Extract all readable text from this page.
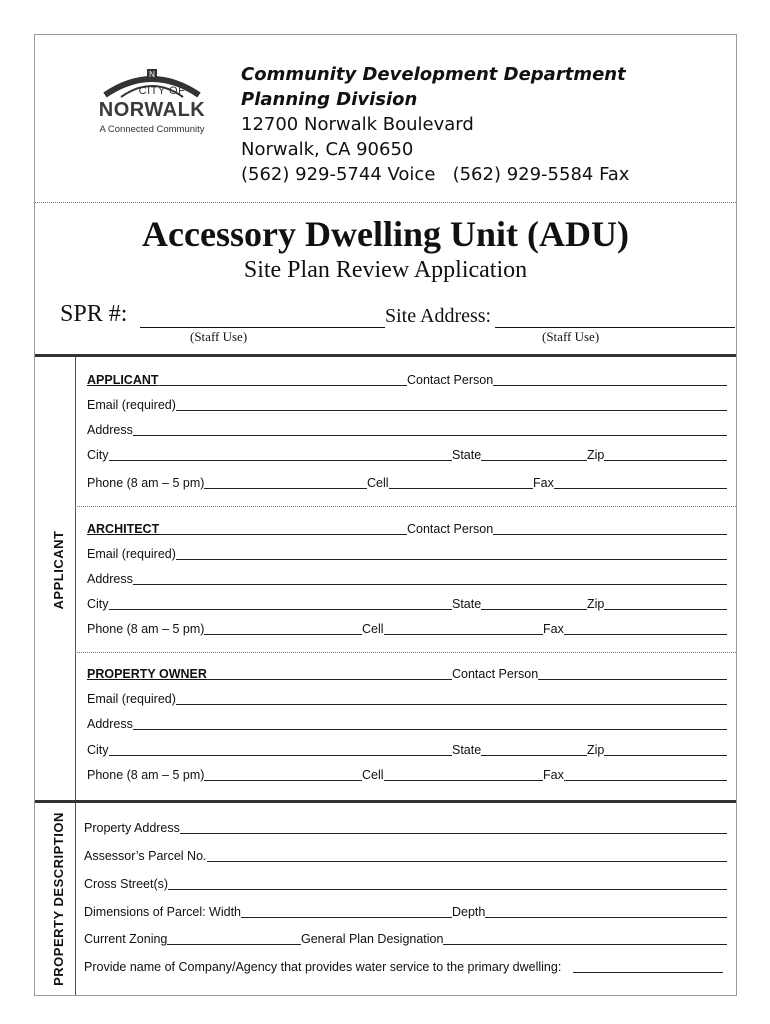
N
CITY OF
NORWALK
A Connected Community
Community Development Department
Planning Division
12700 Norwalk Boulevard
Norwalk, CA 90650
(562) 929-5744 Voice   (562) 929-5584 Fax
Accessory Dwelling Unit (ADU)
Site Plan Review Application
SPR #:	Site Address:
(Staff Use)	(Staff Use)
APPLICANT
APPLICANT	Contact Person
Email (required)
Address
City	State	Zip
Phone (8 am – 5 pm)	Cell	Fax
ARCHITECT	Contact Person
Email (required)
Address
City	State	Zip
Phone (8 am – 5 pm)	Cell	Fax
PROPERTY OWNER	Contact Person
Email (required)
Address
City	State	Zip
Phone (8 am – 5 pm)	Cell	Fax
PROPERTY DESCRIPTION Property Address
Assessor’s Parcel No.
Cross Street(s)
Dimensions of Parcel: Width	Depth
Current Zoning	General Plan Designation
Provide name of Company/Agency that provides water service to the primary dwelling:
